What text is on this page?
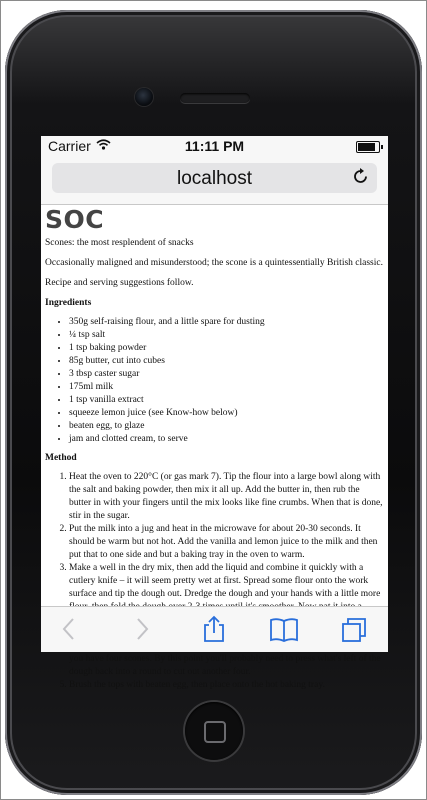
Carrier	11:11 PM
localhost
SOC

Scones: the most resplendent of snacks

Occasionally maligned and misunderstood; the scone is a quintessentially British classic.

Recipe and serving suggestions follow.

Ingredients
• 350g self-raising flour, and a little spare for dusting
• ¼ tsp salt
• 1 tsp baking powder
• 85g butter, cut into cubes
• 3 tbsp caster sugar
• 175ml milk
• 1 tsp vanilla extract
• squeeze lemon juice (see Know-how below)
• beaten egg, to glaze
• jam and clotted cream, to serve
Method
1. Heat the oven to 220°C (or gas mark 7). Tip the flour into a large bowl along with the salt and baking powder, then mix it all up. Add the butter in, then rub the butter in with your fingers until the mix looks like fine crumbs. When that is done, stir in the sugar.
2. Put the milk into a jug and heat in the microwave for about 20-30 seconds. It should be warm but not hot. Add the vanilla and lemon juice to the milk and then put that to one side and but a baking tray in the oven to warm.
3. Make a well in the dry mix, then add the liquid and combine it quickly with a cutlery knife – it will seem pretty wet at first. Spread some flour onto the work surface and tip the dough out. Dredge the dough and your hands with a little more
4. you have four scones. By this point you'll probably need to press what's left of the dough back into a round to cut out another four.
5. Brush the tops with beaten egg, then place onto the hot baking tray.
